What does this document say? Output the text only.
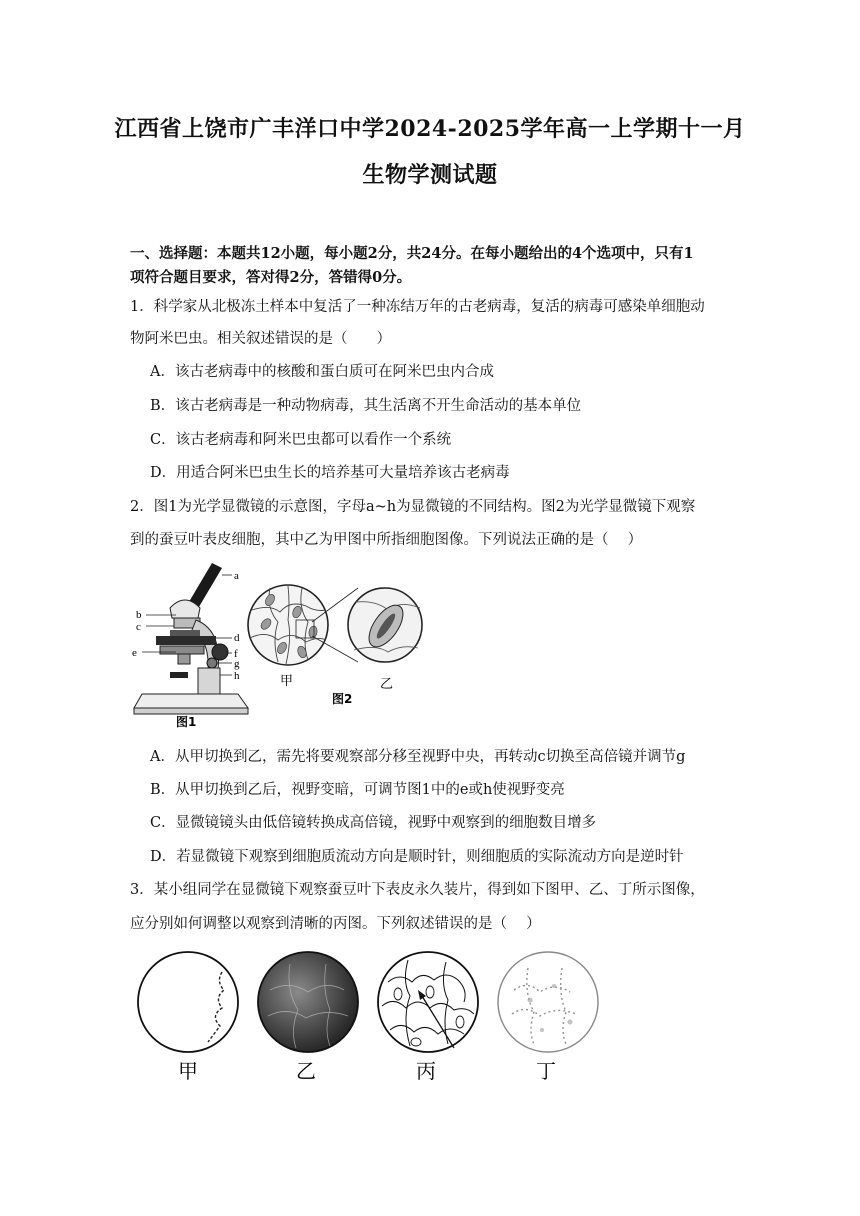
江西省上饶市广丰洋口中学2024-2025学年高一上学期十一月
生物学测试题
一、选择题：本题共12小题，每小题2分，共24分。在每小题给出的4个选项中，只有1
项符合题目要求，答对得2分，答错得0分。
1．科学家从北极冻土样本中复活了一种冻结万年的古老病毒，复活的病毒可感染单细胞动
物阿米巴虫。相关叙述错误的是（　　）
A．该古老病毒中的核酸和蛋白质可在阿米巴虫内合成
B．该古老病毒是一种动物病毒，其生活离不开生命活动的基本单位
C．该古老病毒和阿米巴虫都可以看作一个系统
D．用适合阿米巴虫生长的培养基可大量培养该古老病毒
2．图1为光学显微镜的示意图，字母a~h为显微镜的不同结构。图2为光学显微镜下观察
到的蚕豆叶表皮细胞，其中乙为甲图中所指细胞图像。下列说法正确的是（　 ）
a
b
c
d
e	f
g
h
图1
甲
图2
乙
A．从甲切换到乙，需先将要观察部分移至视野中央，再转动c切换至高倍镜并调节g
B．从甲切换到乙后，视野变暗，可调节图1中的e或h使视野变亮
C．显微镜镜头由低倍镜转换成高倍镜，视野中观察到的细胞数目增多
D．若显微镜下观察到细胞质流动方向是顺时针，则细胞质的实际流动方向是逆时针
3．某小组同学在显微镜下观察蚕豆叶下表皮永久装片，得到如下图甲、乙、丁所示图像，
应分别如何调整以观察到清晰的丙图。下列叙述错误的是（　 ）
甲	乙	丙	丁
